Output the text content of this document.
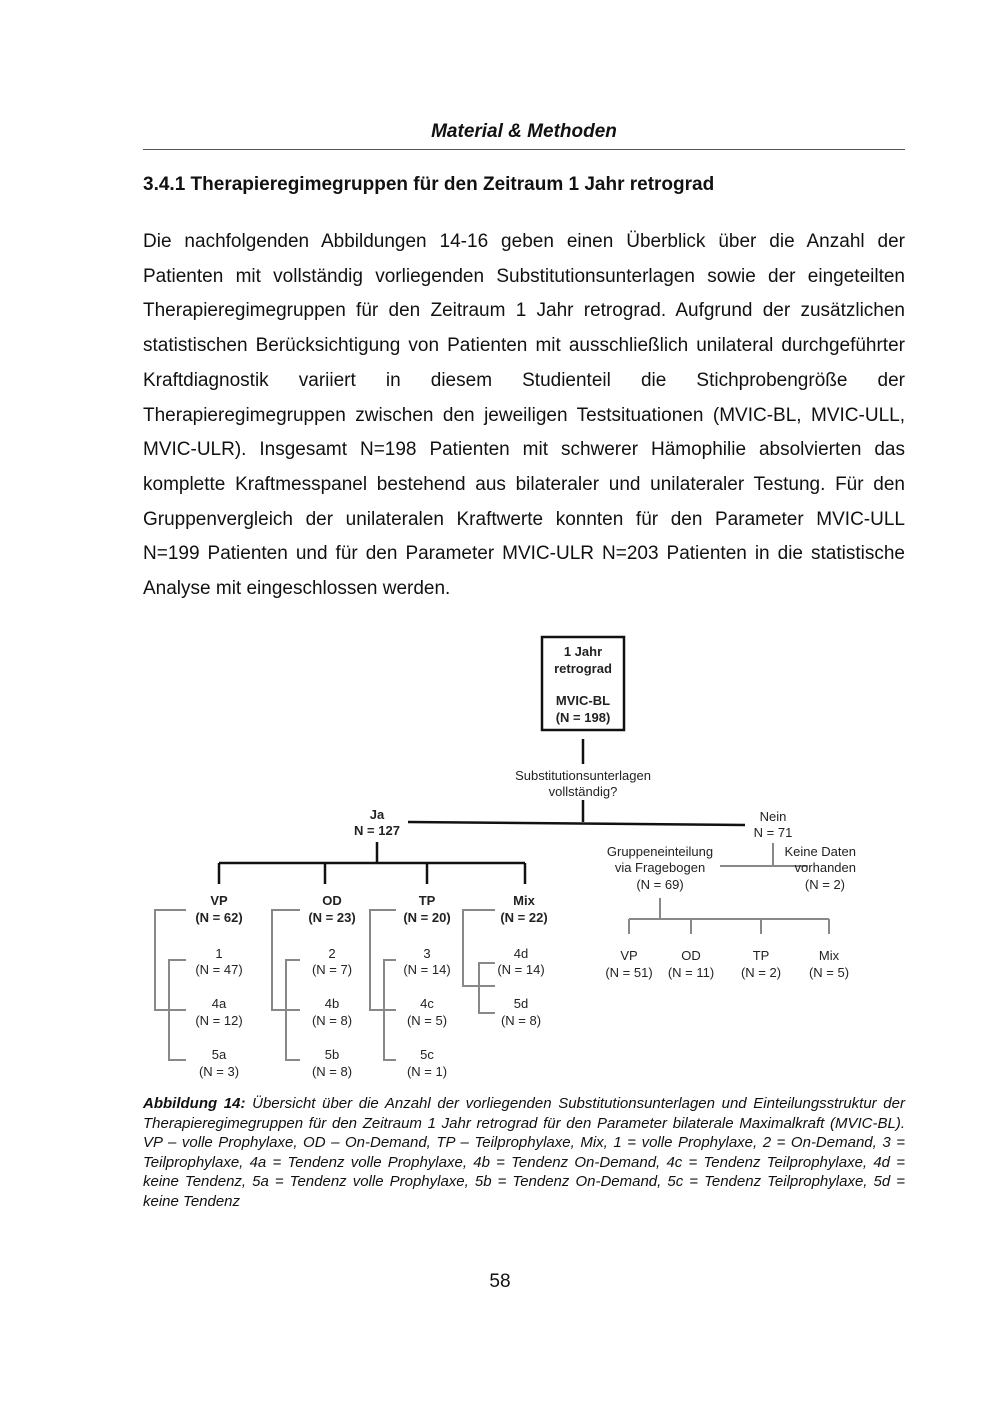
Material & Methoden
3.4.1 Therapieregimegruppen für den Zeitraum 1 Jahr retrograd

Die nachfolgenden Abbildungen 14-16 geben einen Überblick über die Anzahl der Patienten mit vollständig vorliegenden Substitutionsunterlagen sowie der eingeteilten Therapieregimegruppen für den Zeitraum 1 Jahr retrograd. Aufgrund der zusätzlichen statistischen Berücksichtigung von Patienten mit ausschließlich unilateral durchgeführter Kraftdiagnostik variiert in diesem Studienteil die Stichprobengröße der Therapieregimegruppen zwischen den jeweiligen Testsituationen (MVIC-BL, MVIC-ULL, MVIC-ULR). Insgesamt N=198 Patienten mit schwerer Hämophilie absolvierten das komplette Kraftmesspanel bestehend aus bilateraler und unilateraler Testung. Für den Gruppenvergleich der unilateralen Kraftwerte konnten für den Parameter MVIC-ULL N=199 Patienten und für den Parameter MVIC-ULR N=203 Patienten in die statistische Analyse mit eingeschlossen werden.

1 Jahr
retrograd
MVIC-BL
(N = 198)
Substitutionsunterlagen
vollständig?
Ja
N = 127
Nein
N = 71
VP
(N = 62)
OD
(N = 23)
TP
(N = 20)
Mix
(N = 22)
1
(N = 47)
4a
(N = 12)
5a
(N = 3)
2
(N = 7)
4b
(N = 8)
5b
(N = 8)
3
(N = 14)
4c
(N = 5)
5c
(N = 1)
4d
(N = 14)
5d
(N = 8)
Gruppeneinteilung
via Fragebogen
(N = 69)
Keine Daten
vorhanden
(N = 2)
VP
(N = 51)
OD
(N = 11)
TP
(N = 2)
Mix
(N = 5)

Abbildung 14: Übersicht über die Anzahl der vorliegenden Substitutionsunterlagen und Einteilungsstruktur der Therapieregimegruppen für den Zeitraum 1 Jahr retrograd für den Parameter bilaterale Maximalkraft (MVIC-BL). VP – volle Prophylaxe, OD – On-Demand, TP – Teilprophylaxe, Mix, 1 = volle Prophylaxe, 2 = On-Demand, 3 = Teilprophylaxe, 4a = Tendenz volle Prophylaxe, 4b = Tendenz On-Demand, 4c = Tendenz Teilprophylaxe, 4d = keine Tendenz, 5a = Tendenz volle Prophylaxe, 5b = Tendenz On-Demand, 5c = Tendenz Teilprophylaxe, 5d = keine Tendenz

58
